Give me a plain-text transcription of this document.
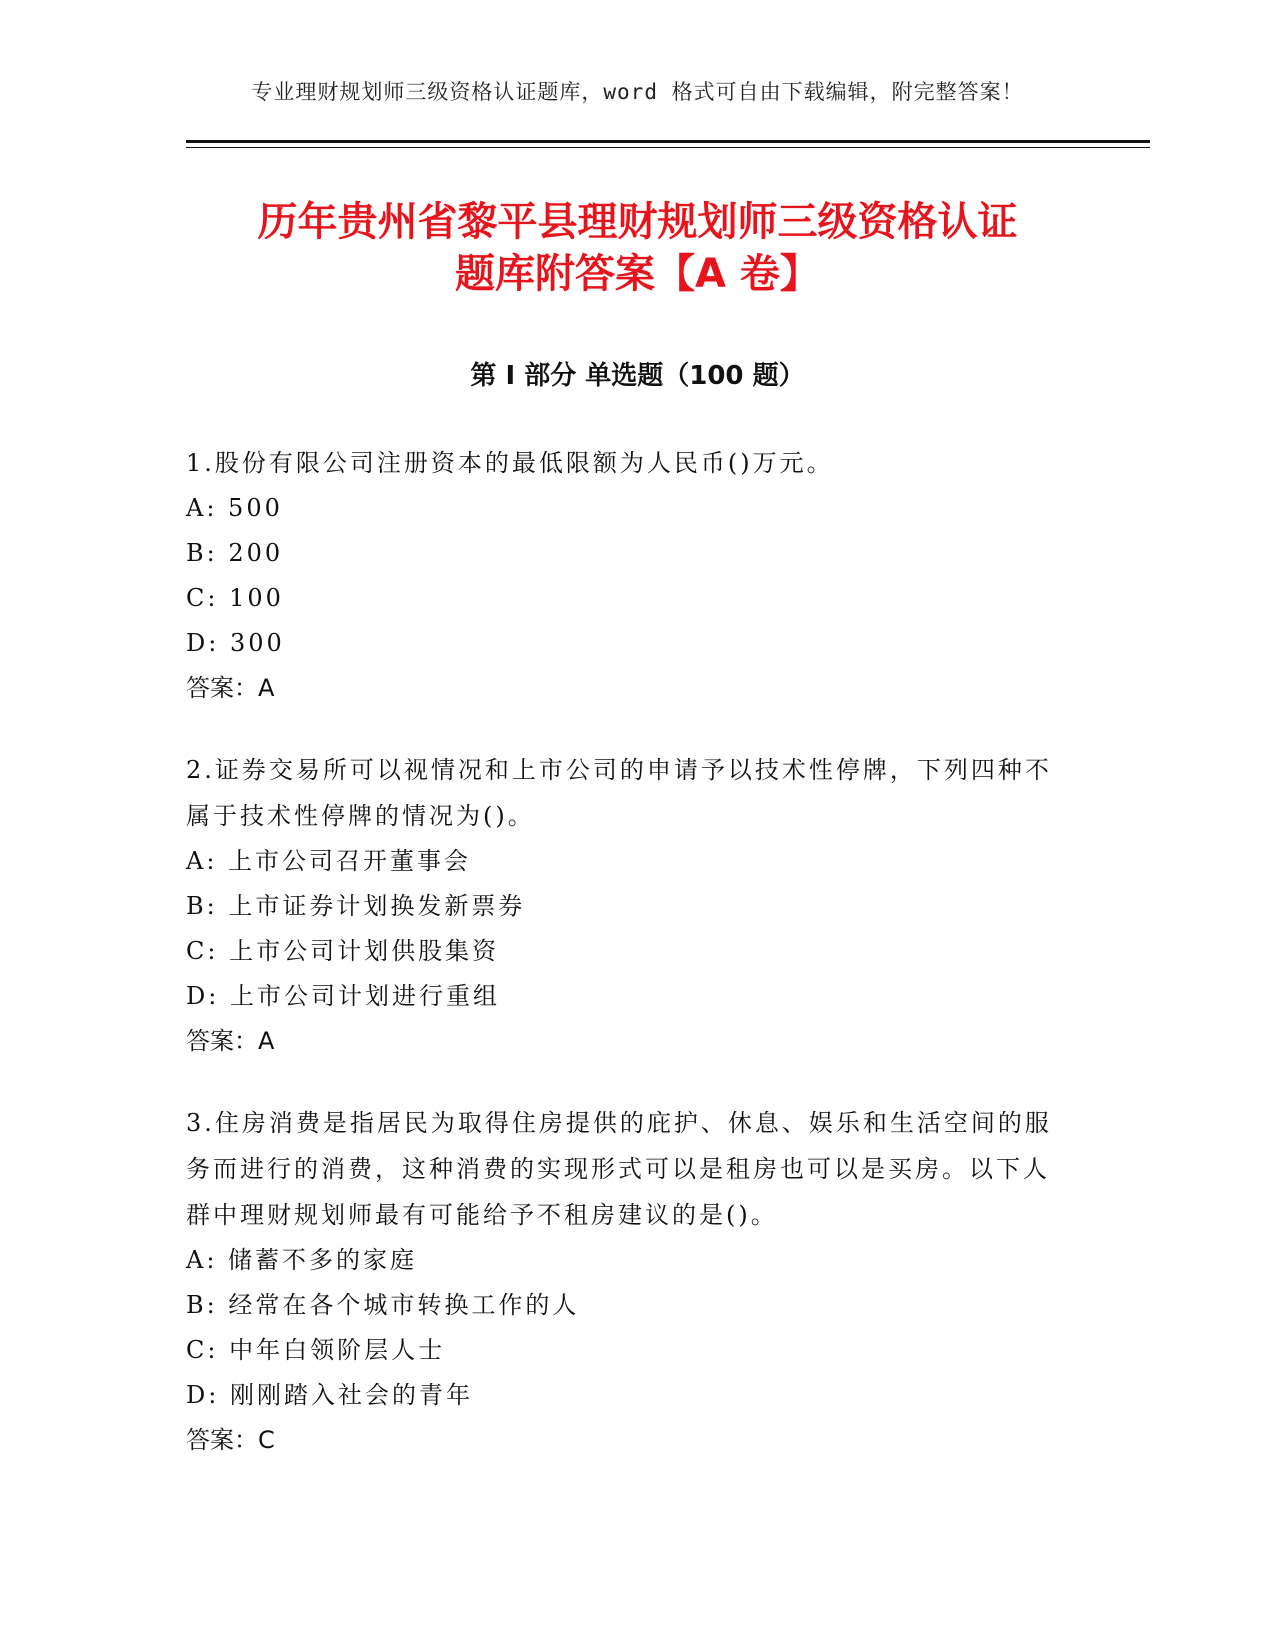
专业理财规划师三级资格认证题库，word 格式可自由下载编辑，附完整答案！
历年贵州省黎平县理财规划师三级资格认证
题库附答案【A 卷】
第 I 部分 单选题（100 题）

1.股份有限公司注册资本的最低限额为人民币()万元。

A: 500

B: 200

C: 100

D: 300

答案：A

2.证券交易所可以视情况和上市公司的申请予以技术性停牌，下列四种不属于技术性停牌的情况为()。

A: 上市公司召开董事会

B: 上市证券计划换发新票券

C: 上市公司计划供股集资

D: 上市公司计划进行重组

答案：A

3.住房消费是指居民为取得住房提供的庇护、休息、娱乐和生活空间的服务而进行的消费，这种消费的实现形式可以是租房也可以是买房。以下人群中理财规划师最有可能给予不租房建议的是()。

A: 储蓄不多的家庭

B: 经常在各个城市转换工作的人

C: 中年白领阶层人士

D: 刚刚踏入社会的青年

答案：C
